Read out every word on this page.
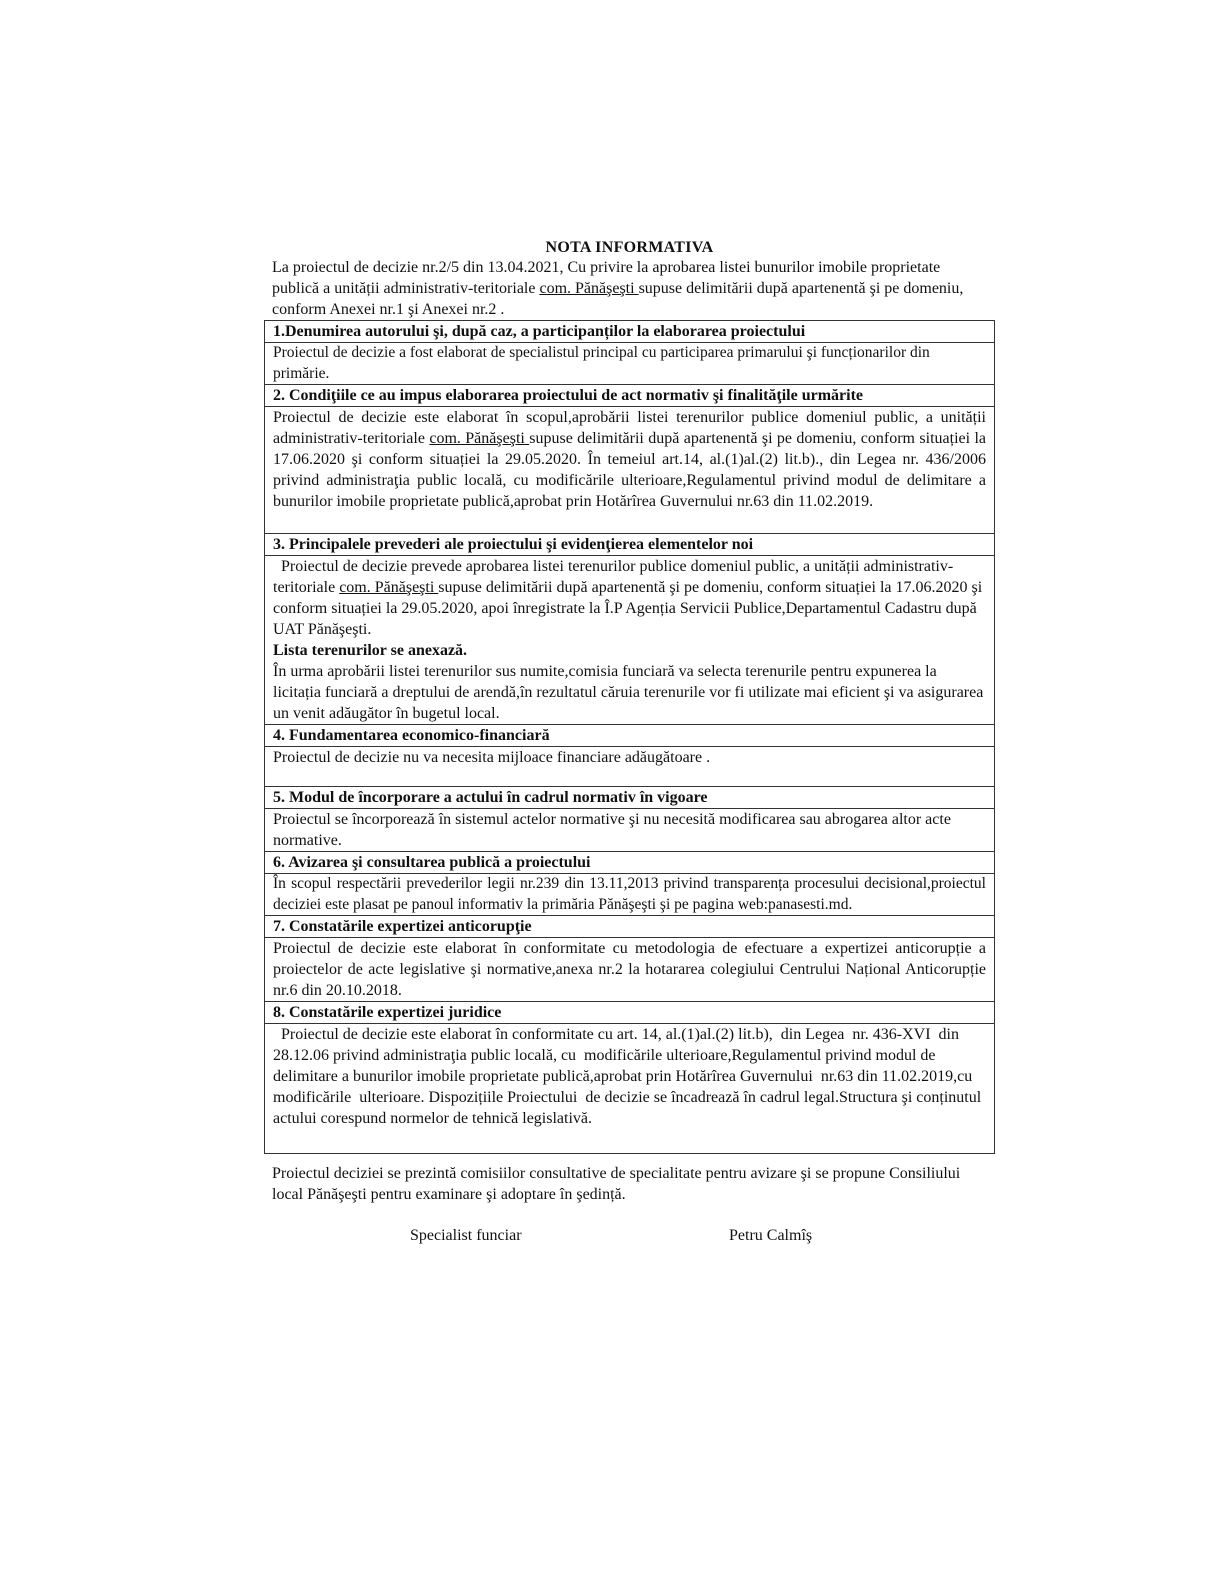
NOTA INFORMATIVA
La proiectul de decizie nr.2/5 din 13.04.2021, Cu privire la aprobarea listei bunurilor imobile proprietate publică a unității administrativ-teritoriale com. Pănăşeşti supuse delimitării după apartenentă şi pe domeniu, conform Anexei nr.1 şi Anexei nr.2 .
1.Denumirea autorului şi, după caz, a participanților la elaborarea proiectului
Proiectul de decizie a fost elaborat de specialistul principal cu participarea primarului şi funcționarilor din primărie.
2. Condiţiile ce au impus elaborarea proiectului de act normativ şi finalităţile urmărite
Proiectul de decizie este elaborat în scopul,aprobării listei terenurilor publice domeniul public, a unității administrativ-teritoriale com. Pănăşeşti supuse delimitării după apartenentă şi pe domeniu, conform situației la 17.06.2020 şi conform situației la 29.05.2020. În temeiul art.14, al.(1)al.(2) lit.b)., din Legea nr. 436/2006 privind administraţia public locală, cu modificările ulterioare,Regulamentul privind modul de delimitare a bunurilor imobile proprietate publică,aprobat prin Hotărîrea Guvernului nr.63 din 11.02.2019.
3. Principalele prevederi ale proiectului şi evidenţierea elementelor noi
Proiectul de decizie prevede aprobarea listei terenurilor publice domeniul public, a unității administrativ-teritoriale com. Pănăşeşti supuse delimitării după apartenentă şi pe domeniu, conform situației la 17.06.2020 şi conform situației la 29.05.2020, apoi înregistrate la Î.P Agenția Servicii Publice,Departamentul Cadastru după UAT Pănăşeşti.
Lista terenurilor se anexază.
În urma aprobării listei terenurilor sus numite,comisia funciară va selecta terenurile pentru expunerea la licitația funciară a dreptului de arendă,în rezultatul căruia terenurile vor fi utilizate mai eficient şi va asigurarea un venit adăugător în bugetul local.
4. Fundamentarea economico-financiară
Proiectul de decizie nu va necesita mijloace financiare adăugătoare .
5. Modul de încorporare a actului în cadrul normativ în vigoare
Proiectul se încorporează în sistemul actelor normative şi nu necesită modificarea sau abrogarea altor acte normative.
6. Avizarea şi consultarea publică a proiectului
În scopul respectării prevederilor legii nr.239 din 13.11,2013 privind transparența procesului decisional,proiectul deciziei este plasat pe panoul informativ la primăria Pănăşeşti şi pe pagina web:panasesti.md.
7. Constatările expertizei anticorupţie
Proiectul de decizie este elaborat în conformitate cu metodologia de efectuare a expertizei anticorupție a proiectelor de acte legislative şi normative,anexa nr.2 la hotararea colegiului Centrului Național Anticorupție nr.6 din 20.10.2018.
8. Constatările expertizei juridice
Proiectul de decizie este elaborat în conformitate cu art. 14, al.(1)al.(2) lit.b),  din Legea  nr. 436-XVI  din  28.12.06 privind administraţia public locală, cu  modificările ulterioare,Regulamentul privind modul de delimitare a bunurilor imobile proprietate publică,aprobat prin Hotărîrea Guvernului  nr.63 din 11.02.2019,cu modificările  ulterioare. Dispozițiile Proiectului  de decizie se încadrează în cadrul legal.Structura şi conținutul actului corespund normelor de tehnică legislativă.
Proiectul deciziei se prezintă comisiilor consultative de specialitate pentru avizare şi se propune Consiliului local Pănăşeşti pentru examinare şi adoptare în şedință.
Specialist funciar	Petru Calmîş
